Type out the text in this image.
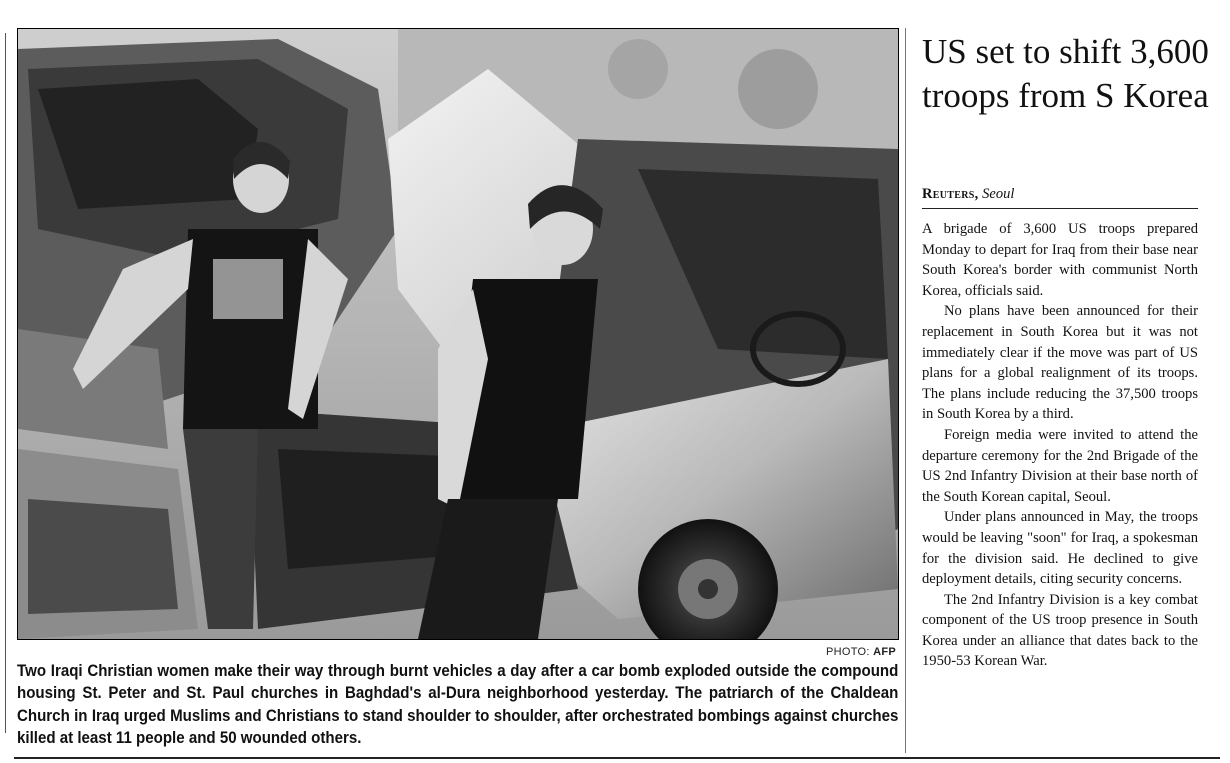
PHOTO: AFP

Two Iraqi Christian women make their way through burnt vehicles a day after a car bomb exploded outside the compound housing St. Peter and St. Paul churches in Baghdad's al-Dura neighborhood yesterday. The patriarch of the Chaldean Church in Iraq urged Muslims and Christians to stand shoulder to shoulder, after orchestrated bombings against churches killed at least 11 people and 50 wounded others.

US set to shift 3,600 troops from S Korea
Reuters, Seoul

A brigade of 3,600 US troops prepared Monday to depart for Iraq from their base near South Korea's border with communist North Korea, officials said.

No plans have been announced for their replacement in South Korea but it was not immediately clear if the move was part of US plans for a global realignment of its troops. The plans include reducing the 37,500 troops in South Korea by a third.

Foreign media were invited to attend the departure ceremony for the 2nd Brigade of the US 2nd Infantry Division at their base north of the South Korean capital, Seoul.

Under plans announced in May, the troops would be leaving "soon" for Iraq, a spokesman for the division said. He declined to give deployment details, citing security concerns.

The 2nd Infantry Division is a key combat component of the US troop presence in South Korea under an alliance that dates back to the 1950-53 Korean War.
